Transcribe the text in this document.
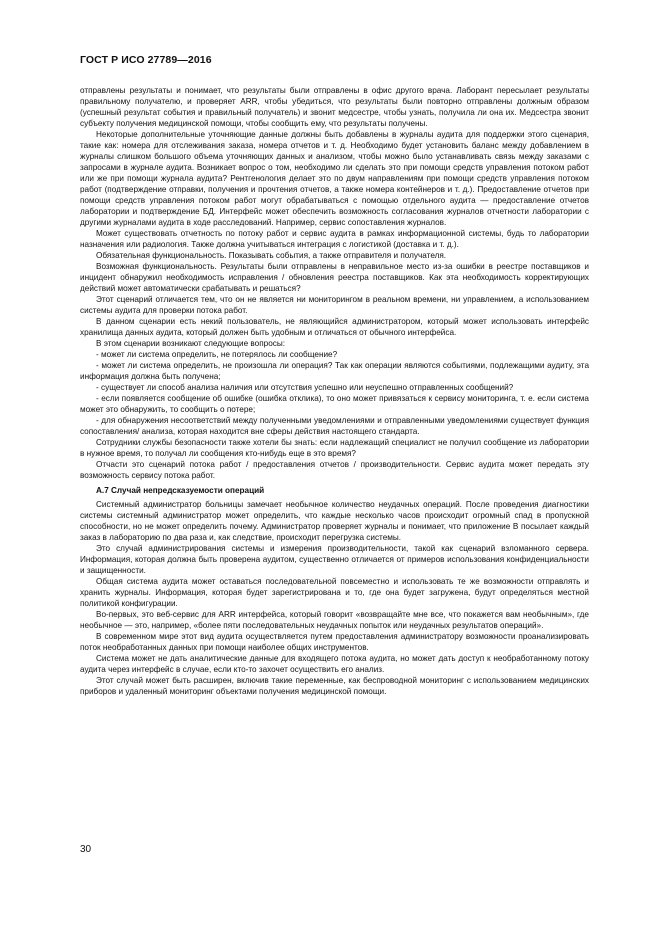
ГОСТ Р ИСО 27789—2016

отправлены результаты и понимает, что результаты были отправлены в офис другого врача. Лаборант пересылает результаты правильному получателю, и проверяет ARR, чтобы убедиться, что результаты были повторно отправлены должным образом (успешный результат события и правильный получатель) и звонит медсестре, чтобы узнать, получила ли она их. Медсестра звонит субъекту получения медицинской помощи, чтобы сообщить ему, что результаты получены.

Некоторые дополнительные уточняющие данные должны быть добавлены в журналы аудита для поддержки этого сценария, такие как: номера для отслеживания заказа, номера отчетов и т. д. Необходимо будет установить баланс между добавлением в журналы слишком большого объема уточняющих данных и анализом, чтобы можно было устанавливать связь между заказами с запросами в журнале аудита. Возникает вопрос о том, необходимо ли сделать это при помощи средств управления потоком работ или же при помощи журнала аудита? Рентгенология делает это по двум направлениям при помощи средств управления потоком работ (подтверждение отправки, получения и прочтения отчетов, а также номера контейнеров и т. д.). Предоставление отчетов при помощи средств управления потоком работ могут обрабатываться с помощью отдельного аудита — предоставление отчетов лаборатории и подтверждение БД. Интерфейс может обеспечить возможность согласования журналов отчетности лаборатории с другими журналами аудита в ходе расследований. Например, сервис сопоставления журналов.

Может существовать отчетность по потоку работ и сервис аудита в рамках информационной системы, будь то лаборатории назначения или радиология. Также должна учитываться интеграция с логистикой (доставка и т. д.).

Обязательная функциональность. Показывать события, а также отправителя и получателя.

Возможная функциональность. Результаты были отправлены в неправильное место из-за ошибки в реестре поставщиков и инцидент обнаружил необходимость исправления / обновления реестра поставщиков. Как эта необходимость корректирующих действий может автоматически срабатывать и решаться?

Этот сценарий отличается тем, что он не является ни мониторингом в реальном времени, ни управлением, а использованием системы аудита для проверки потока работ.

В данном сценарии есть некий пользователь, не являющийся администратором, который может использовать интерфейс хранилища данных аудита, который должен быть удобным и отличаться от обычного интерфейса.

В этом сценарии возникают следующие вопросы:

- может ли система определить, не потерялось ли сообщение?

- может ли система определить, не произошла ли операция? Так как операции являются событиями, подлежащими аудиту, эта информация должна быть получена;

- существует ли способ анализа наличия или отсутствия успешно или неуспешно отправленных сообщений?

- если появляется сообщение об ошибке (ошибка отклика), то оно может привязаться к сервису мониторинга, т. е. если система может это обнаружить, то сообщить о потере;

- для обнаружения несоответствий между полученными уведомлениями и отправленными уведомлениями существует функция сопоставления/ анализа, которая находится вне сферы действия настоящего стандарта.

Сотрудники службы безопасности также хотели бы знать: если надлежащий специалист не получил сообщение из лаборатории в нужное время, то получал ли сообщения кто-нибудь еще в это время?

Отчасти это сценарий потока работ / предоставления отчетов / производительности. Сервис аудита может передать эту возможность сервису потока работ.

А.7 Случай непредсказуемости операций

Системный администратор больницы замечает необычное количество неудачных операций. После проведения диагностики системы системный администратор может определить, что каждые несколько часов происходит огромный спад в пропускной способности, но не может определить почему. Администратор проверяет журналы и понимает, что приложение В посылает каждый заказ в лабораторию по два раза и, как следствие, происходит перегрузка системы.

Это случай администрирования системы и измерения производительности, такой как сценарий взломанного сервера. Информация, которая должна быть проверена аудитом, существенно отличается от примеров использования конфиденциальности и защищенности.

Общая система аудита может оставаться последовательной повсеместно и использовать те же возможности отправлять и хранить журналы. Информация, которая будет зарегистрирована и то, где она будет загружена, будут определяться местной политикой конфигурации.

Во-первых, это веб-сервис для ARR интерфейса, который говорит «возвращайте мне все, что покажется вам необычным», где необычное — это, например, «более пяти последовательных неудачных попыток или неудачных результатов операций».

В современном мире этот вид аудита осуществляется путем предоставления администратору возможности проанализировать поток необработанных данных при помощи наиболее общих инструментов.

Система может не дать аналитические данные для входящего потока аудита, но может дать доступ к необработанному потоку аудита через интерфейс в случае, если кто-то захочет осуществить его анализ.

Этот случай может быть расширен, включив такие переменные, как беспроводной мониторинг с использованием медицинских приборов и удаленный мониторинг объектами получения медицинской помощи.

30
